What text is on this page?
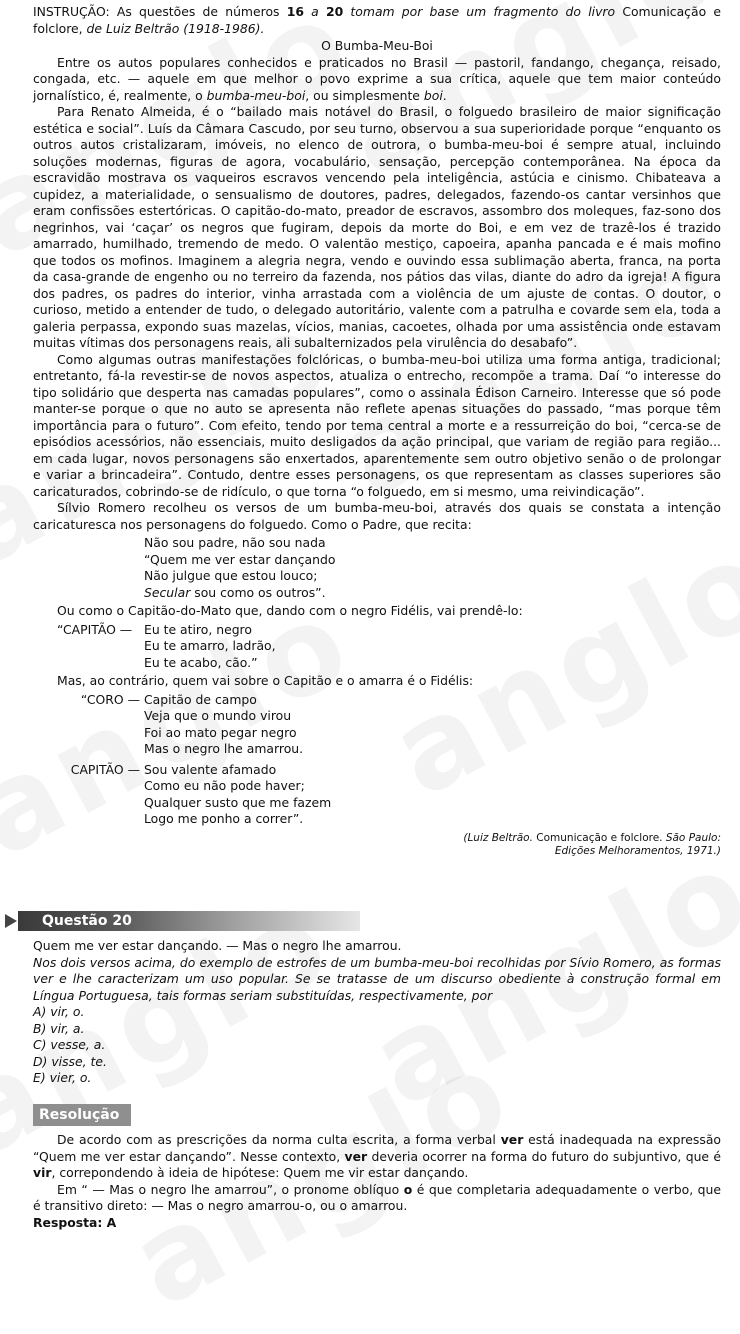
INSTRUÇÃO: As questões de números 16 a 20 tomam por base um fragmento do livro Comunicação e folclore, de Luiz Beltrão (1918-1986).

O Bumba-Meu-Boi

Entre os autos populares conhecidos e praticados no Brasil — pastoril, fandango, chegança, reisado, congada, etc. — aquele em que melhor o povo exprime a sua crítica, aquele que tem maior conteúdo jornalístico, é, realmente, o bumba-meu-boi, ou simplesmente boi.

Para Renato Almeida, é o “bailado mais notável do Brasil, o folguedo brasileiro de maior significação estética e social”. Luís da Câmara Cascudo, por seu turno, observou a sua superioridade porque “enquanto os outros autos cristalizaram, imóveis, no elenco de outrora, o bumba-meu-boi é sempre atual, incluindo soluções modernas, figuras de agora, vocabulário, sensação, percepção contemporânea. Na época da escravidão mostrava os vaqueiros escravos vencendo pela inteligência, astúcia e cinismo. Chibateava a cupidez, a materialidade, o sensualismo de doutores, padres, delegados, fazendo-os cantar versinhos que eram confissões estertóricas. O capitão-do-mato, preador de escravos, assombro dos moleques, faz-sono dos negrinhos, vai ‘caçar’ os negros que fugiram, depois da morte do Boi, e em vez de trazê-los é trazido amarrado, humilhado, tremendo de medo. O valentão mestiço, capoeira, apanha pancada e é mais mofino que todos os mofinos. Imaginem a alegria negra, vendo e ouvindo essa sublimação aberta, franca, na porta da casa-grande de engenho ou no terreiro da fazenda, nos pátios das vilas, diante do adro da igreja! A figura dos padres, os padres do interior, vinha arrastada com a violência de um ajuste de contas. O doutor, o curioso, metido a entender de tudo, o delegado autoritário, valente com a patrulha e covarde sem ela, toda a galeria perpassa, expondo suas mazelas, vícios, manias, cacoetes, olhada por uma assistência onde estavam muitas vítimas dos personagens reais, ali subalternizados pela virulência do desabafo”.

Como algumas outras manifestações folclóricas, o bumba-meu-boi utiliza uma forma antiga, tradicional; entretanto, fá-la revestir-se de novos aspectos, atualiza o entrecho, recompõe a trama. Daí “o interesse do tipo solidário que desperta nas camadas populares”, como o assinala Édison Carneiro. Interesse que só pode manter-se porque o que no auto se apresenta não reflete apenas situações do passado, “mas porque têm importância para o futuro”. Com efeito, tendo por tema central a morte e a ressurreição do boi, “cerca-se de episódios acessórios, não essenciais, muito desligados da ação principal, que variam de região para região... em cada lugar, novos personagens são enxertados, aparentemente sem outro objetivo senão o de prolongar e variar a brincadeira”. Contudo, dentre esses personagens, os que representam as classes superiores são caricaturados, cobrindo-se de ridículo, o que torna “o folguedo, em si mesmo, uma reivindicação”.

Sílvio Romero recolheu os versos de um bumba-meu-boi, através dos quais se constata a intenção caricaturesca nos personagens do folguedo. Como o Padre, que recita:

Não sou padre, não sou nada
“Quem me ver estar dançando
Não julgue que estou louco;
Secular sou como os outros”.

Ou como o Capitão-do-Mato que, dando com o negro Fidélis, vai prendê-lo:

“CAPITÃO — Eu te atiro, negro
Eu te amarro, ladrão,
Eu te acabo, cão.”

Mas, ao contrário, quem vai sobre o Capitão e o amarra é o Fidélis:

“CORO — Capitão de campo
Veja que o mundo virou
Foi ao mato pegar negro
Mas o negro lhe amarrou.
CAPITÃO — Sou valente afamado
Como eu não pode haver;
Qualquer susto que me fazem
Logo me ponho a correr”.
(Luiz Beltrão. Comunicação e folclore. São Paulo:
Edições Melhoramentos, 1971.)
Questão 20

Quem me ver estar dançando. — Mas o negro lhe amarrou.

Nos dois versos acima, do exemplo de estrofes de um bumba-meu-boi recolhidas por Sívio Romero, as formas ver e lhe caracterizam um uso popular. Se se tratasse de um discurso obediente à construção formal em Língua Portuguesa, tais formas seriam substituídas, respectivamente, por

A) vir, o.

B) vir, a.

C) vesse, a.

D) visse, te.

E) vier, o.

Resolução

De acordo com as prescrições da norma culta escrita, a forma verbal ver está inadequada na expressão “Quem me ver estar dançando”. Nesse contexto, ver deveria ocorrer na forma do futuro do subjuntivo, que é vir, correpondendo à ideia de hipótese: Quem me vir estar dançando.

Em “ — Mas o negro lhe amarrou”, o pronome oblíquo o é que completaria adequadamente o verbo, que é transitivo direto: — Mas o negro amarrou-o, ou o amarrou.

Resposta: A
